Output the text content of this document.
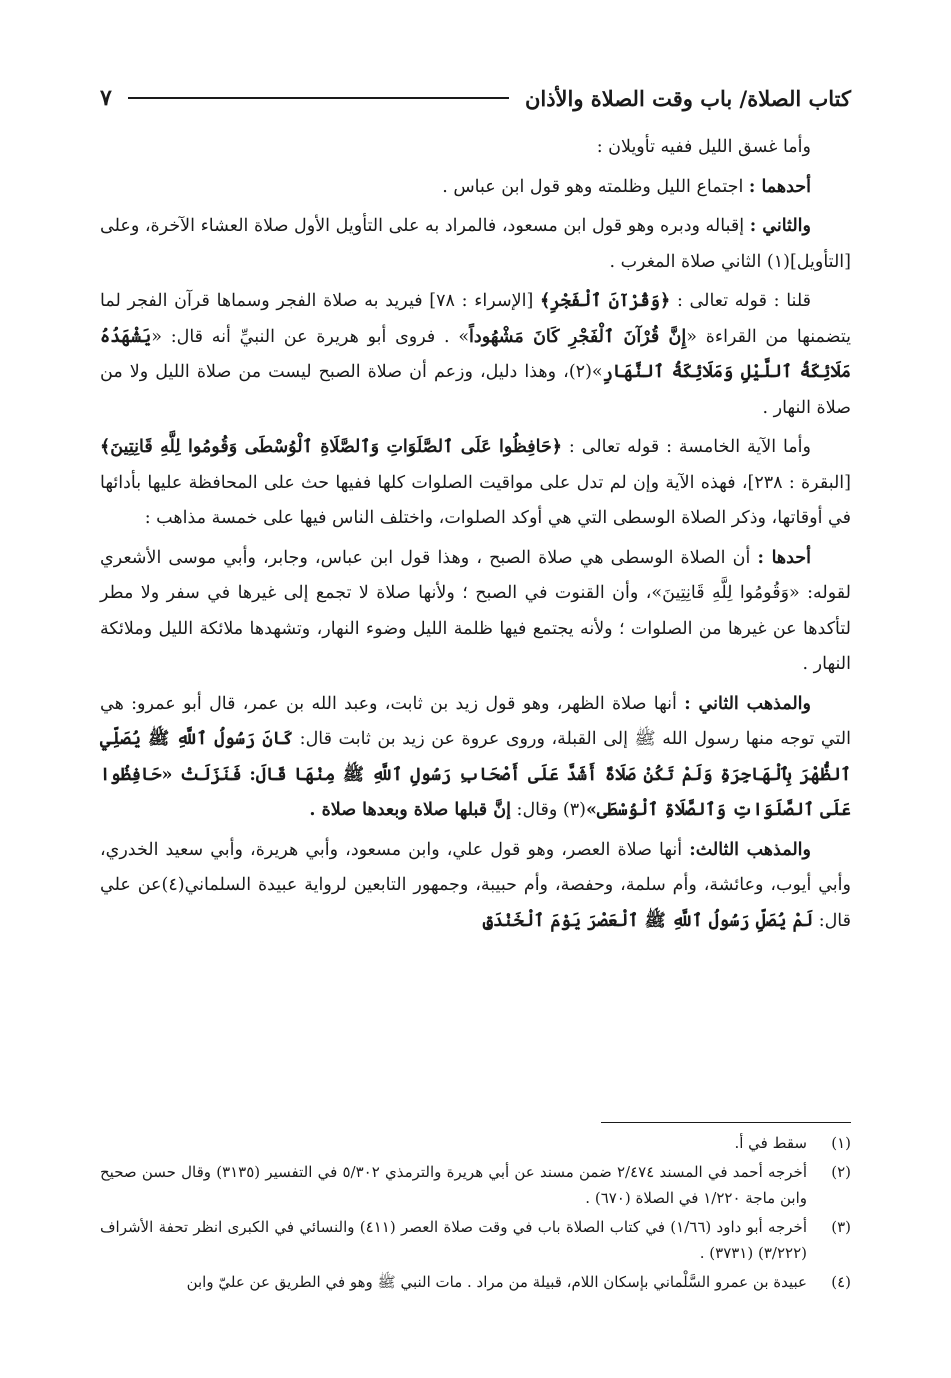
كتاب الصلاة/ باب وقت الصلاة والأذان
٧

وأما غسق الليل ففيه تأويلان :

أحدهما : اجتماع الليل وظلمته وهو قول ابن عباس .

والثاني : إقباله ودبره وهو قول ابن مسعود، فالمراد به على التأويل الأول صلاة العشاء الآخرة، وعلى [التأويل](١) الثاني صلاة المغرب .

قلنا : قوله تعالى : ﴿وَقُرْآنَ ٱلْفَجْرِ﴾ [الإسراء : ٧٨] فيريد به صلاة الفجر وسماها قرآن الفجر لما يتضمنها من القراءة «إِنَّ قُرْآنَ ٱلْفَجْرِ كَانَ مَشْهُوداً» . فروى أبو هريرة عن النبيِّ أنه قال: «يَشْهَدُهُ مَلَائِكَةُ ٱللَّيْلِ وَمَلَائِكَةُ ٱلنَّهَارِ»(٢)، وهذا دليل، وزعم أن صلاة الصبح ليست من صلاة الليل ولا من صلاة النهار .

وأما الآية الخامسة : قوله تعالى : ﴿حَافِظُوا عَلَى ٱلصَّلَوَاتِ وَٱلصَّلَاةِ ٱلْوُسْطَى وَقُومُوا لِلَّهِ قَانِتِينَ﴾ [البقرة : ٢٣٨]، فهذه الآية وإن لم تدل على مواقيت الصلوات كلها ففيها حث على المحافظة عليها بأدائها في أوقاتها، وذكر الصلاة الوسطى التي هي أوكد الصلوات، واختلف الناس فيها على خمسة مذاهب :

أحدها : أن الصلاة الوسطى هي صلاة الصبح ، وهذا قول ابن عباس، وجابر، وأبي موسى الأشعري لقوله: «وَقُومُوا لِلَّهِ قَانِتِينَ»، وأن القنوت في الصبح ؛ ولأنها صلاة لا تجمع إلى غيرها في سفر ولا مطر لتأكدها عن غيرها من الصلوات ؛ ولأنه يجتمع فيها ظلمة الليل وضوء النهار، وتشهدها ملائكة الليل وملائكة النهار .

والمذهب الثاني : أنها صلاة الظهر، وهو قول زيد بن ثابت، وعبد الله بن عمر، قال أبو عمرو: هي التي توجه منها رسول الله ﷺ إلى القبلة، وروى عروة عن زيد بن ثابت قال: كَانَ رَسُولُ ٱللَّهِ ﷺ يُصَلِّي ٱلظُّهْرَ بِٱلْهَاجِرَةِ وَلَمْ تَكُنْ صَلَاةٌ أَشَدَّ عَلَى أَصْحَابِ رَسُولِ ٱللَّهِ ﷺ مِنْهَا قَالَ: فَنَزَلَتْ «حَافِظُوا عَلَى ٱلصَّلَوَاتِ وَٱلصَّلَاةِ ٱلْوُسْطَى»(٣) وقال: إنَّ قبلها صلاة وبعدها صلاة .

والمذهب الثالث: أنها صلاة العصر، وهو قول علي، وابن مسعود، وأبي هريرة، وأبي سعيد الخدري، وأبي أيوب، وعائشة، وأم سلمة، وحفصة، وأم حبيبة، وجمهور التابعين لرواية عبيدة السلماني(٤)عن علي قال: لَمْ يُصَلِّ رَسُولُ ٱللَّهِ ﷺ ٱلْعَصْرَ يَوْمَ ٱلْخَنْدَقِ

(١)
سقط في أ.
(٢)
أخرجه أحمد في المسند ٢/٤٧٤ ضمن مسند عن أبي هريرة والترمذي ٥/٣٠٢ في التفسير (٣١٣٥) وقال حسن صحيح وابن ماجة ١/٢٢٠ في الصلاة (٦٧٠) .
(٣)
أخرجه أبو داود (١/٦٦) في كتاب الصلاة باب في وقت صلاة العصر (٤١١) والنسائي في الكبرى انظر تحفة الأشراف (٣/٢٢٢) (٣٧٣١) .
(٤)
عبيدة بن عمرو السَّلْماني بإسكان اللام، قبيلة من مراد . مات النبي ﷺ وهو في الطريق عن عليّ وابن
